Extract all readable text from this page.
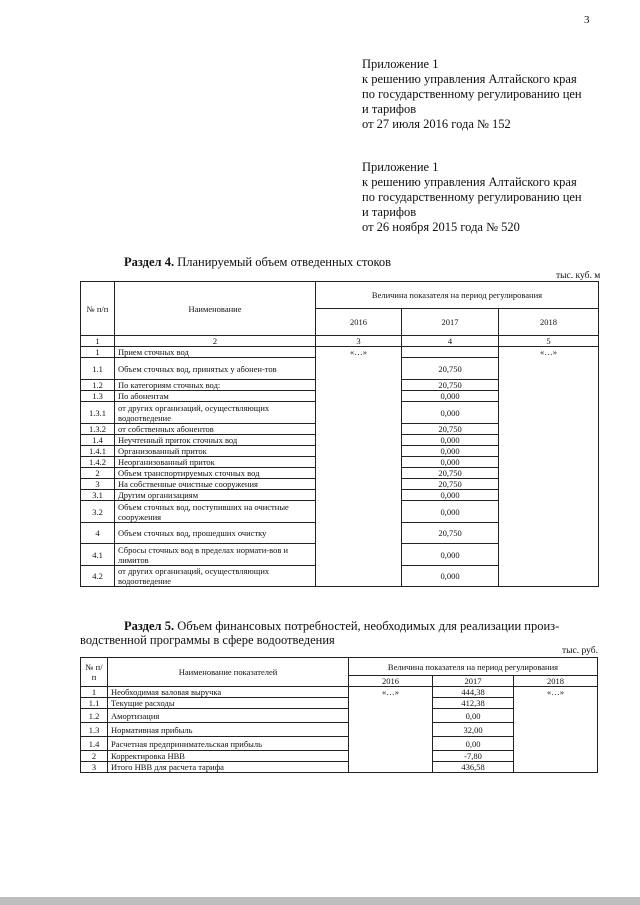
3
Приложение 1
к решению управления Алтайского края
по государственному регулированию цен
и тарифов
от 27 июля 2016 года № 152
Приложение 1
к решению управления Алтайского края
по государственному регулированию цен
и тарифов
от 26 ноября 2015 года № 520
Раздел 4. Планируемый объем отведенных стоков
тыс. куб. м
№ п/п	Наименование	Величина показателя на период регулирования		
		2016	2017	2018
1	2	3	4	5
1	Прием сточных вод	«…»		«…»
1.1	Объем сточных вод, принятых у абонен-тов		20,750	
1.2	По категориям сточных вод:		20,750	
1.3	По абонентам		0,000	
1.3.1	от других организаций, осуществляющих водоотведение		0,000	
1.3.2	от собственных абонентов		20,750	
1.4	Неучтенный приток сточных вод		0,000	
1.4.1	Организованный приток		0,000	
1.4.2	Неорганизованный приток		0,000	
2	Объем транспортируемых сточных вод		20,750	
3	На собственные очистные сооружения		20,750	
3.1	Другим организациям		0,000	
3.2	Объем сточных вод, поступивших на очистные сооружения		0,000	
4	Объем сточных вод, прошедших очистку		20,750	
4.1	Сбросы сточных вод в пределах нормати-вов и лимитов		0,000	
4.2	от других организаций, осуществляющих водоотведение		0,000	
Раздел 5. Объем финансовых потребностей, необходимых для реализации произ-
водственной программы в сфере водоотведения
тыс. руб.
№ п/п	Наименование показателей	Величина показателя на период регулирования		
		2016	2017	2018
1	Необходимая валовая выручка	«…»	444,38	«…»
1.1	Текущие расходы		412,38	
1.2	Амортизация		0,00	
1.3	Нормативная прибыль		32,00	
1.4	Расчетная предпринимательская прибыль		0,00	
2	Корректировка НВВ		-7,80	
3	Итого НВВ для расчета тарифа		436,58	
